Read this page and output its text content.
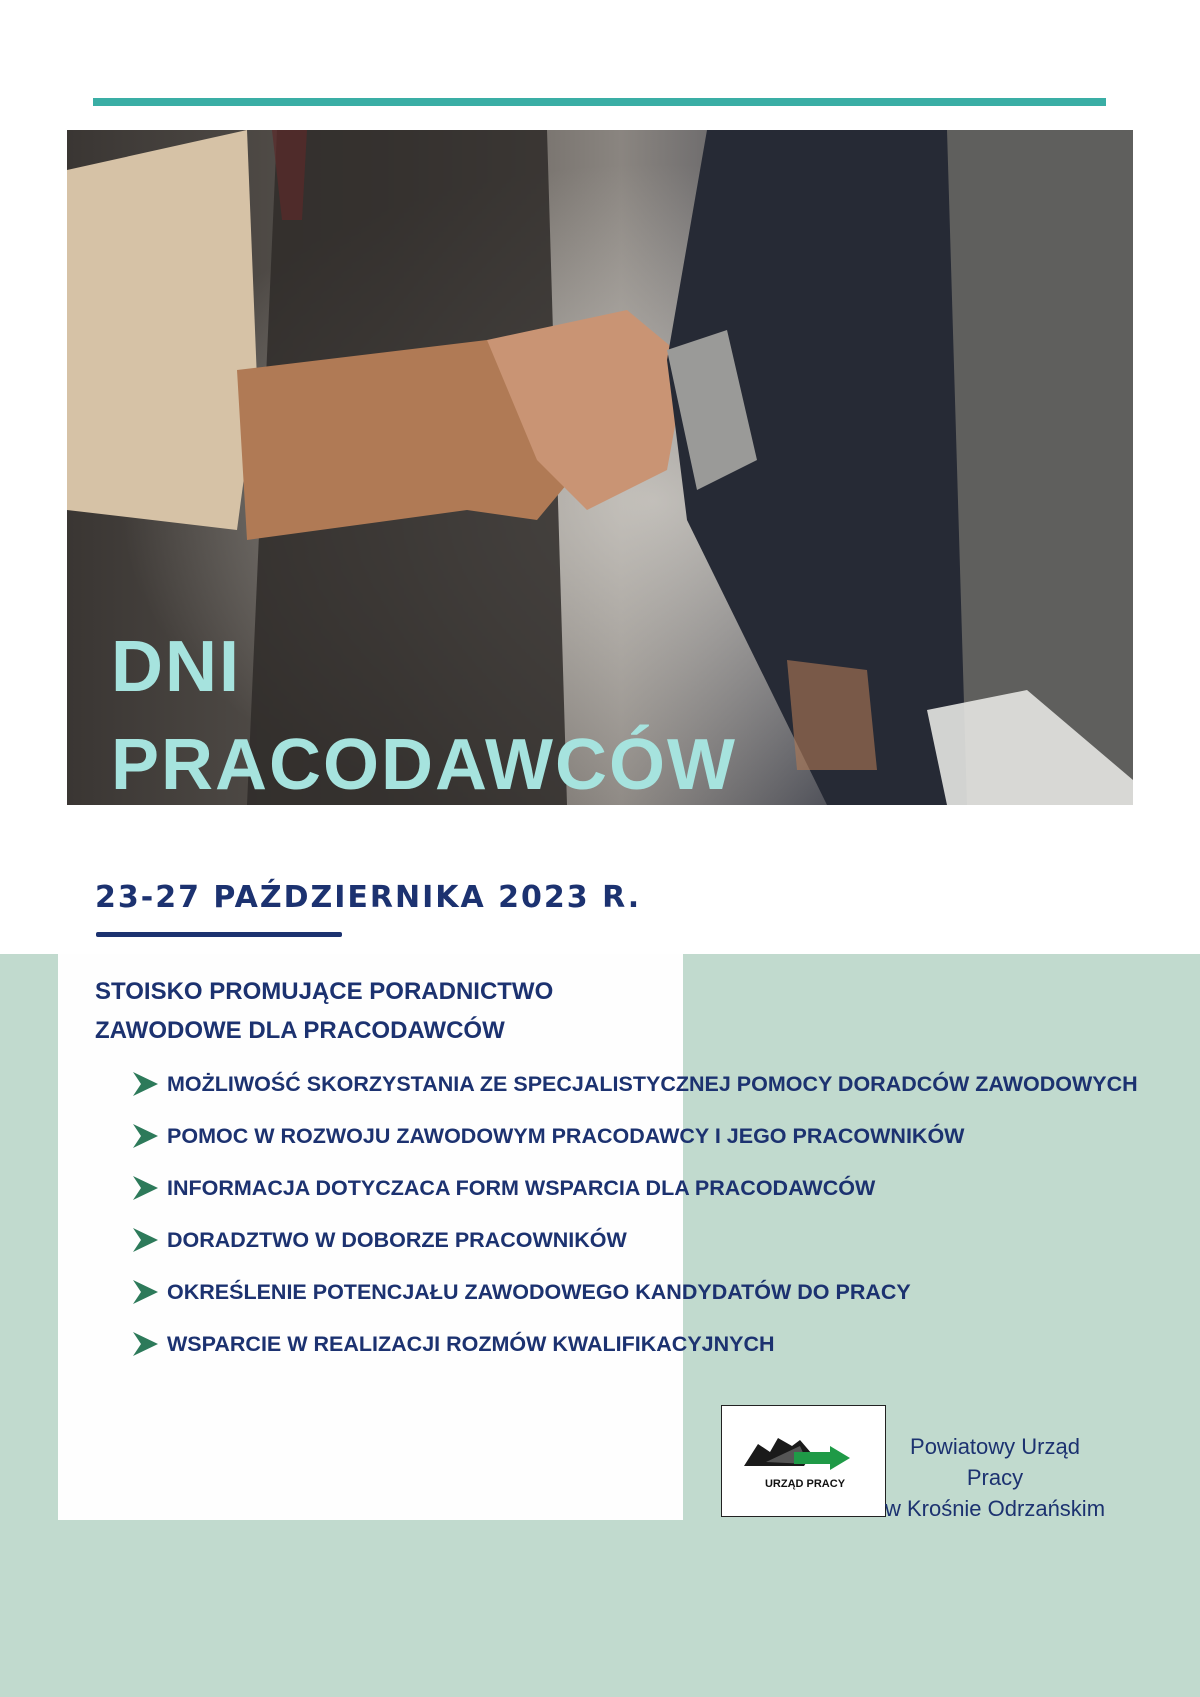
DNI
PRACODAWCÓW
23-27 PAŹDZIERNIKA 2023 R.
STOISKO PROMUJĄCE PORADNICTWO
ZAWODOWE DLA PRACODAWCÓW
MOŻLIWOŚĆ SKORZYSTANIA ZE SPECJALISTYCZNEJ POMOCY DORADCÓW ZAWODOWYCH
POMOC W ROZWOJU ZAWODOWYM PRACODAWCY I JEGO PRACOWNIKÓW
INFORMACJA DOTYCZACA FORM WSPARCIA DLA PRACODAWCÓW
DORADZTWO W DOBORZE PRACOWNIKÓW
OKREŚLENIE POTENCJAŁU ZAWODOWEGO KANDYDATÓW DO PRACY
WSPARCIE W REALIZACJI ROZMÓW KWALIFIKACYJNYCH
URZĄD PRACY

Powiatowy Urząd Pracy
w Krośnie Odrzańskim
